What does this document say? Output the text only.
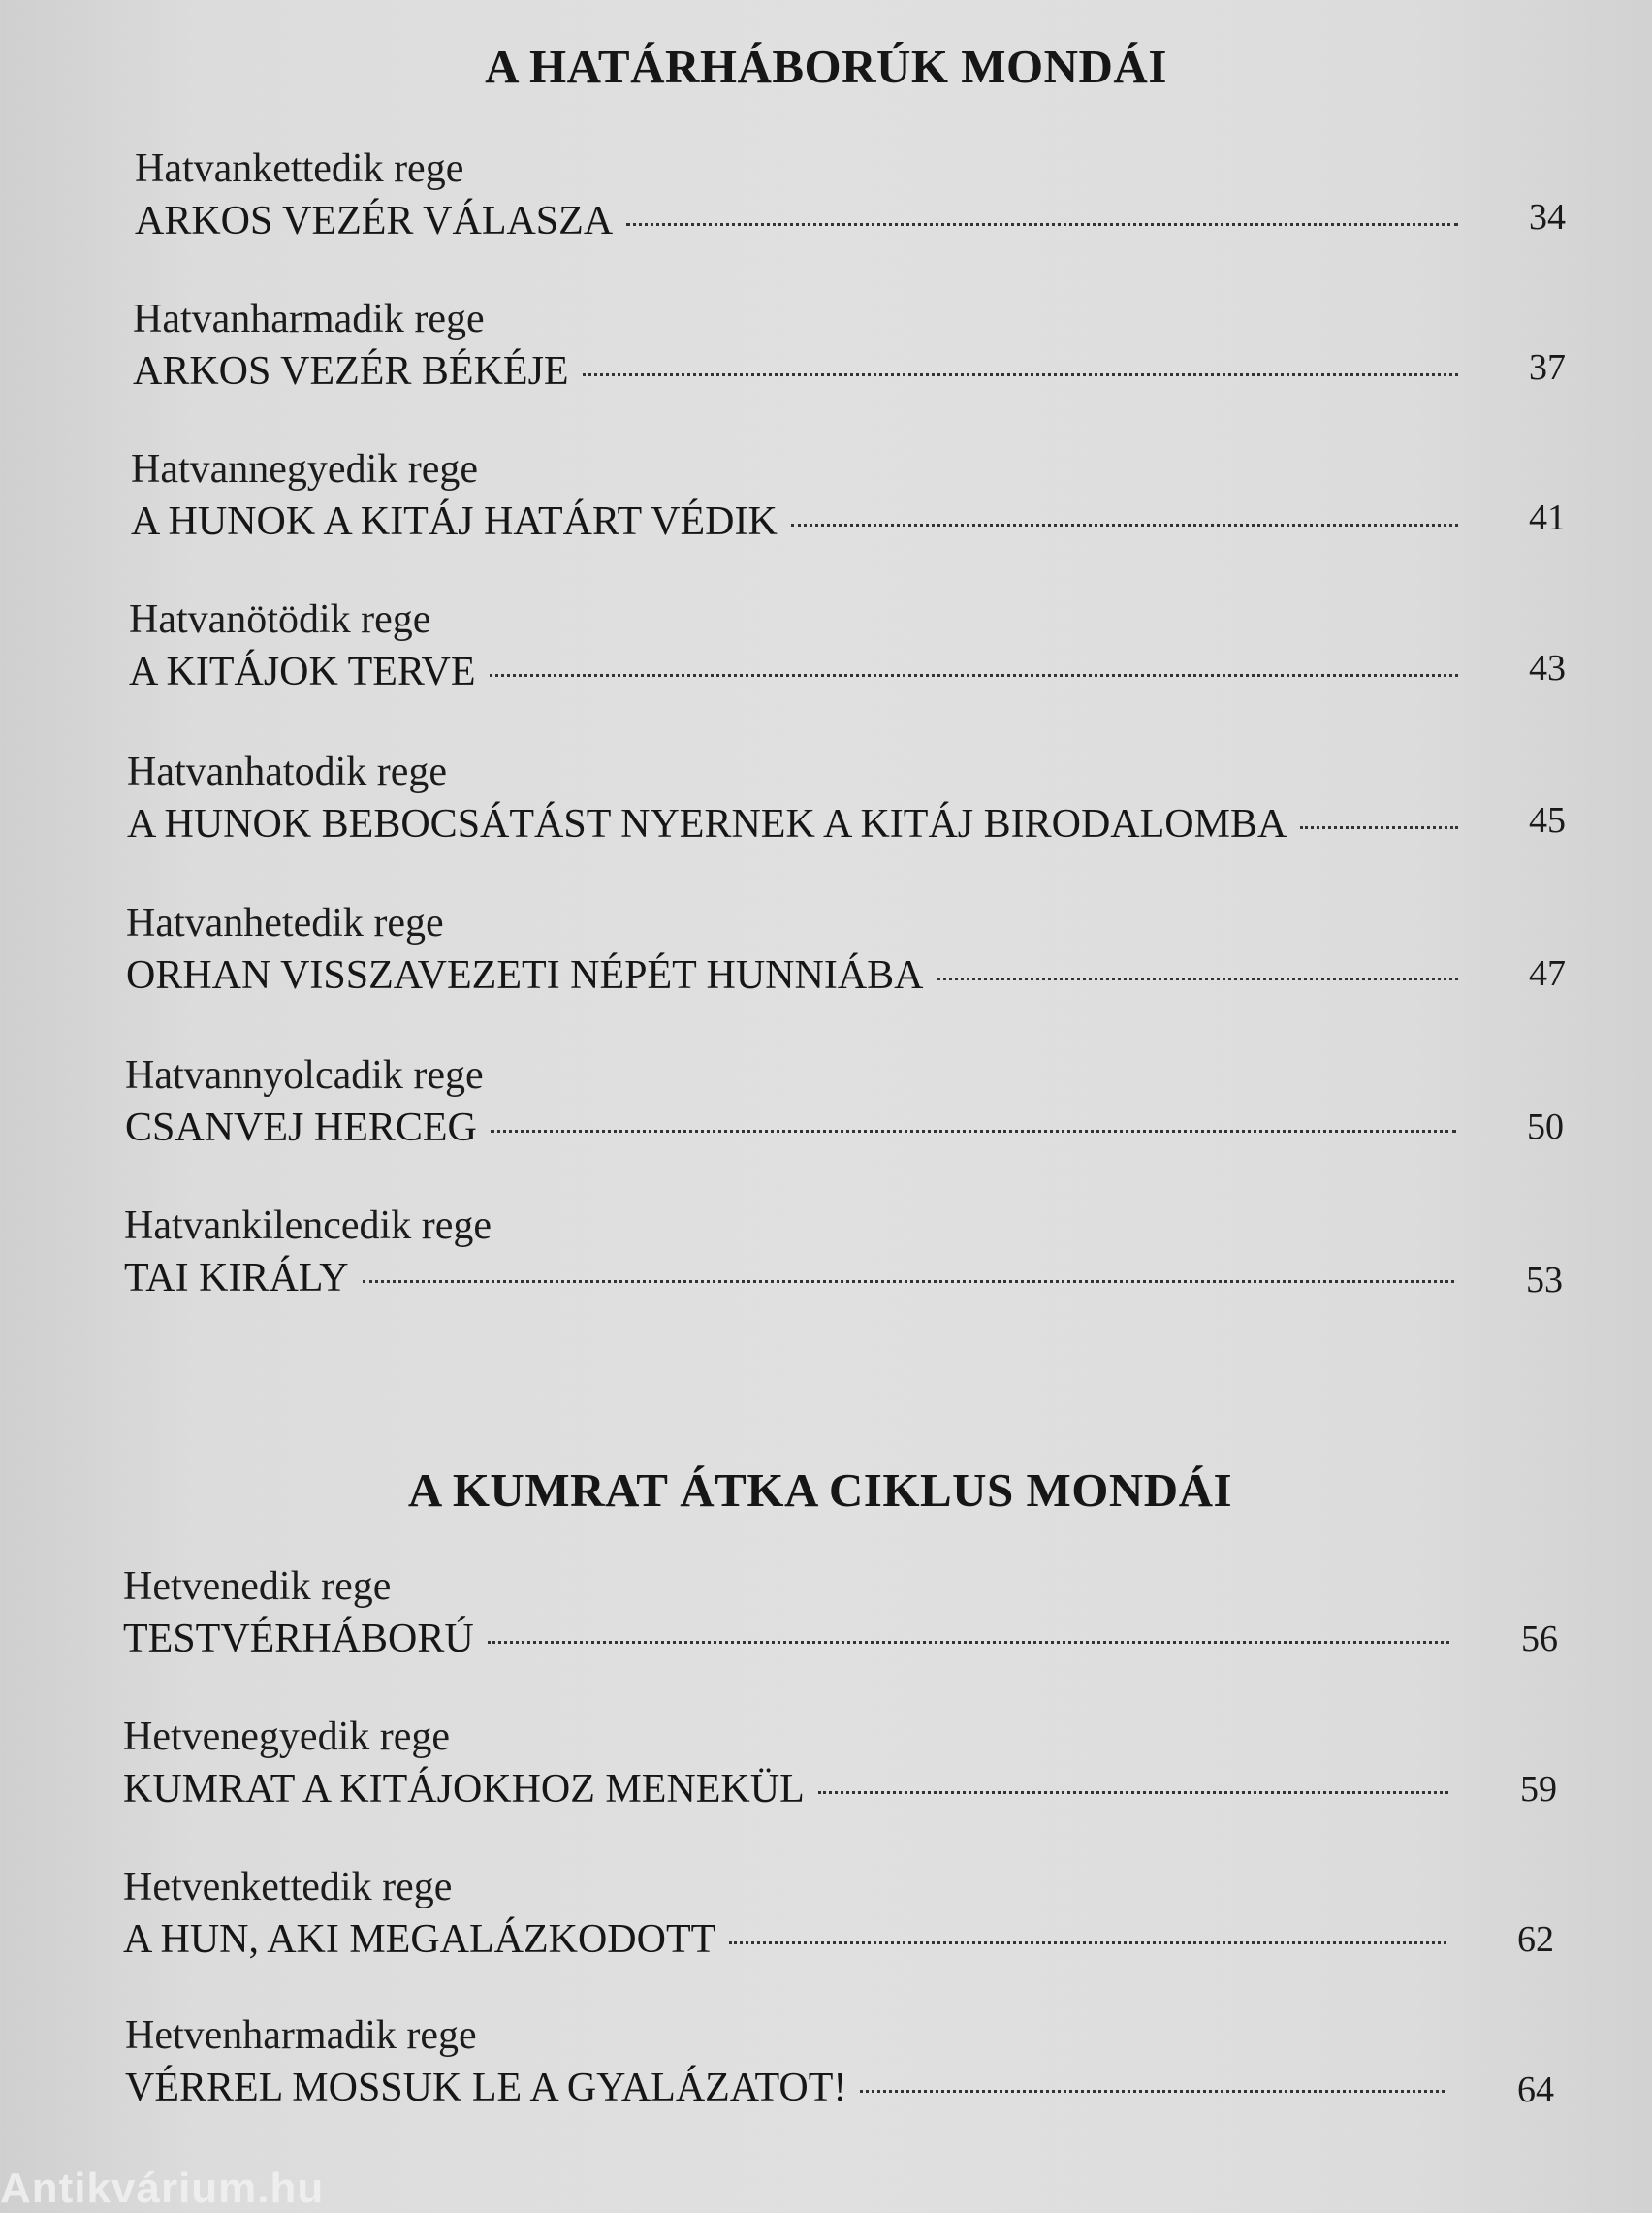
A HATÁRHÁBORÚK MONDÁI
Hatvankettedik rege
ARKOS VEZÉR VÁLASZA	34
Hatvanharmadik rege
ARKOS VEZÉR BÉKÉJE	37
Hatvannegyedik rege
A HUNOK A KITÁJ HATÁRT VÉDIK	41
Hatvanötödik rege
A KITÁJOK TERVE	43
Hatvanhatodik rege
A HUNOK BEBOCSÁTÁST NYERNEK A KITÁJ BIRODALOMBA	45
Hatvanhetedik rege
ORHAN VISSZAVEZETI NÉPÉT HUNNIÁBA	47
Hatvannyolcadik rege
CSANVEJ HERCEG	50
Hatvankilencedik rege
TAI KIRÁLY	53
A KUMRAT ÁTKA CIKLUS MONDÁI
Hetvenedik rege
TESTVÉRHÁBORÚ	56
Hetvenegyedik rege
KUMRAT A KITÁJOKHOZ MENEKÜL	59
Hetvenkettedik rege
A HUN, AKI MEGALÁZKODOTT	62
Hetvenharmadik rege
VÉRREL MOSSUK LE A GYALÁZATOT!	64
Antikvárium.hu
